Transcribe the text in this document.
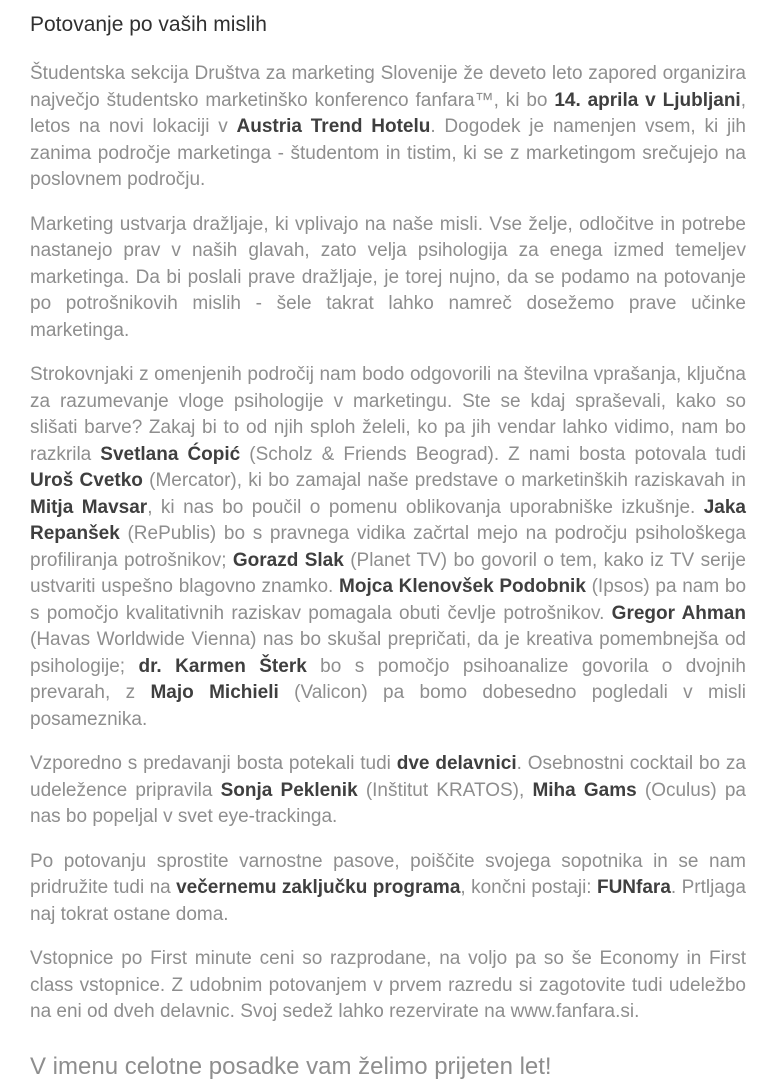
Potovanje po vaših mislih

Študentska sekcija Društva za marketing Slovenije že deveto leto zapored organizira največjo študentsko marketinško konferenco fanfara™, ki bo 14. aprila v Ljubljani, letos na novi lokaciji v Austria Trend Hotelu. Dogodek je namenjen vsem, ki jih zanima področje marketinga - študentom in tistim, ki se z marketingom srečujejo na poslovnem področju.

Marketing ustvarja dražljaje, ki vplivajo na naše misli. Vse želje, odločitve in potrebe nastanejo prav v naših glavah, zato velja psihologija za enega izmed temeljev marketinga. Da bi poslali prave dražljaje, je torej nujno, da se podamo na potovanje po potrošnikovih mislih - šele takrat lahko namreč dosežemo prave učinke marketinga.

Strokovnjaki z omenjenih področij nam bodo odgovorili na številna vprašanja, ključna za razumevanje vloge psihologije v marketingu. Ste se kdaj spraševali, kako so slišati barve? Zakaj bi to od njih sploh želeli, ko pa jih vendar lahko vidimo, nam bo razkrila Svetlana Ćopić (Scholz & Friends Beograd). Z nami bosta potovala tudi Uroš Cvetko (Mercator), ki bo zamajal naše predstave o marketinških raziskavah in Mitja Mavsar, ki nas bo poučil o pomenu oblikovanja uporabniške izkušnje. Jaka Repanšek (RePublis) bo s pravnega vidika začrtal mejo na področju psihološkega profiliranja potrošnikov; Gorazd Slak (Planet TV) bo govoril o tem, kako iz TV serije ustvariti uspešno blagovno znamko. Mojca Klenovšek Podobnik (Ipsos) pa nam bo s pomočjo kvalitativnih raziskav pomagala obuti čevlje potrošnikov. Gregor Ahman (Havas Worldwide Vienna) nas bo skušal prepričati, da je kreativa pomembnejša od psihologije; dr. Karmen Šterk bo s pomočjo psihoanalize govorila o dvojnih prevarah, z Majo Michieli (Valicon) pa bomo dobesedno pogledali v misli posameznika.

Vzporedno s predavanji bosta potekali tudi dve delavnici. Osebnostni cocktail bo za udeležence pripravila Sonja Peklenik (Inštitut KRATOS), Miha Gams (Oculus) pa nas bo popeljal v svet eye-trackinga.

Po potovanju sprostite varnostne pasove, poiščite svojega sopotnika in se nam pridružite tudi na večernemu zaključku programa, končni postaji: FUNfara. Prtljaga naj tokrat ostane doma.

Vstopnice po First minute ceni so razprodane, na voljo pa so še Economy in First class vstopnice. Z udobnim potovanjem v prvem razredu si zagotovite tudi udeležbo na eni od dveh delavnic. Svoj sedež lahko rezervirate na www.fanfara.si.

V imenu celotne posadke vam želimo prijeten let!
